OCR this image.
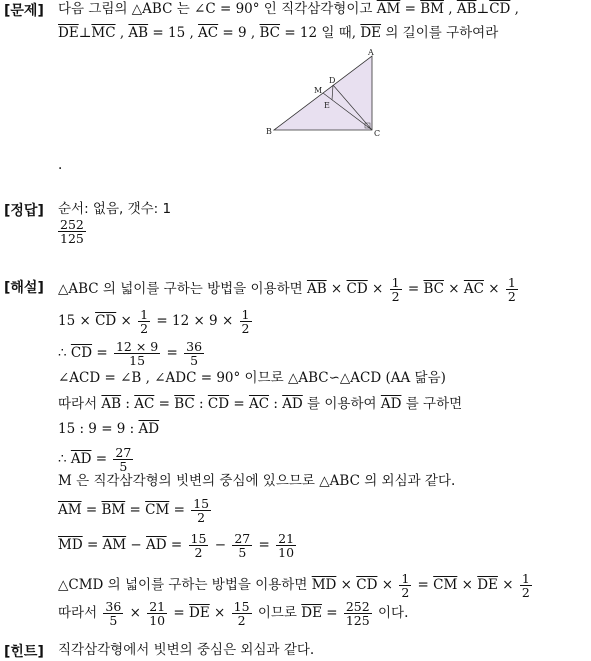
[문제]
[정답]
[해설]
[힌트]
다음 그림의 △ABC 는 ∠C = 90° 인 직각삼각형이고 $\overline{AM} = \overline{BM}$ , $\overline{AB}\perp\overline{CD}$ ,
$\overline{DE}\perp\overline{MC}$ , $\overline{AB} = 15$ , $\overline{AC} = 9$ , $\overline{BC} = 12$ 일 때, $\overline{DE}$ 의 길이를 구하여라
A
M
D
E
B	C
.
순서: 없음, 갯수: 1
$\frac{252}{125}$
△ABC 의 넓이를 구하는 방법을 이용하면 $\overline{AB} \times \overline{CD} \times \frac{1}{2} = \overline{BC} \times \overline{AC} \times \frac{1}{2}$
$15 \times \overline{CD} \times \frac{1}{2} = 12 \times 9 \times \frac{1}{2}$
∴ $\overline{CD} = \frac{12 \times 9}{15} = \frac{36}{5}$
∠ACD = ∠B , ∠ADC = 90° 이므로 △ABC∽△ACD (AA 닮음)
따라서 $\overline{AB}$ : $\overline{AC} = \overline{BC}$ : $\overline{CD} = \overline{AC}$ : $\overline{AD}$ 를 이용하여 $\overline{AD}$ 를 구하면
15 : 9 = 9 : $\overline{AD}$
∴ $\overline{AD} = \frac{27}{5}$
M 은 직각삼각형의 빗변의 중심에 있으므로 △ABC 의 외심과 같다.
$\overline{AM} = \overline{BM} = \overline{CM} = \frac{15}{2}$
$\overline{MD} = \overline{AM} - \overline{AD} = \frac{15}{2} - \frac{27}{5} = \frac{21}{10}$
△CMD 의 넓이를 구하는 방법을 이용하면 $\overline{MD} \times \overline{CD} \times \frac{1}{2} = \overline{CM} \times \overline{DE} \times \frac{1}{2}$
따라서 $\frac{36}{5} \times \frac{21}{10} = \overline{DE} \times \frac{15}{2}$ 이므로 $\overline{DE} = \frac{252}{125}$ 이다.
직각삼각형에서 빗변의 중심은 외심과 같다.
